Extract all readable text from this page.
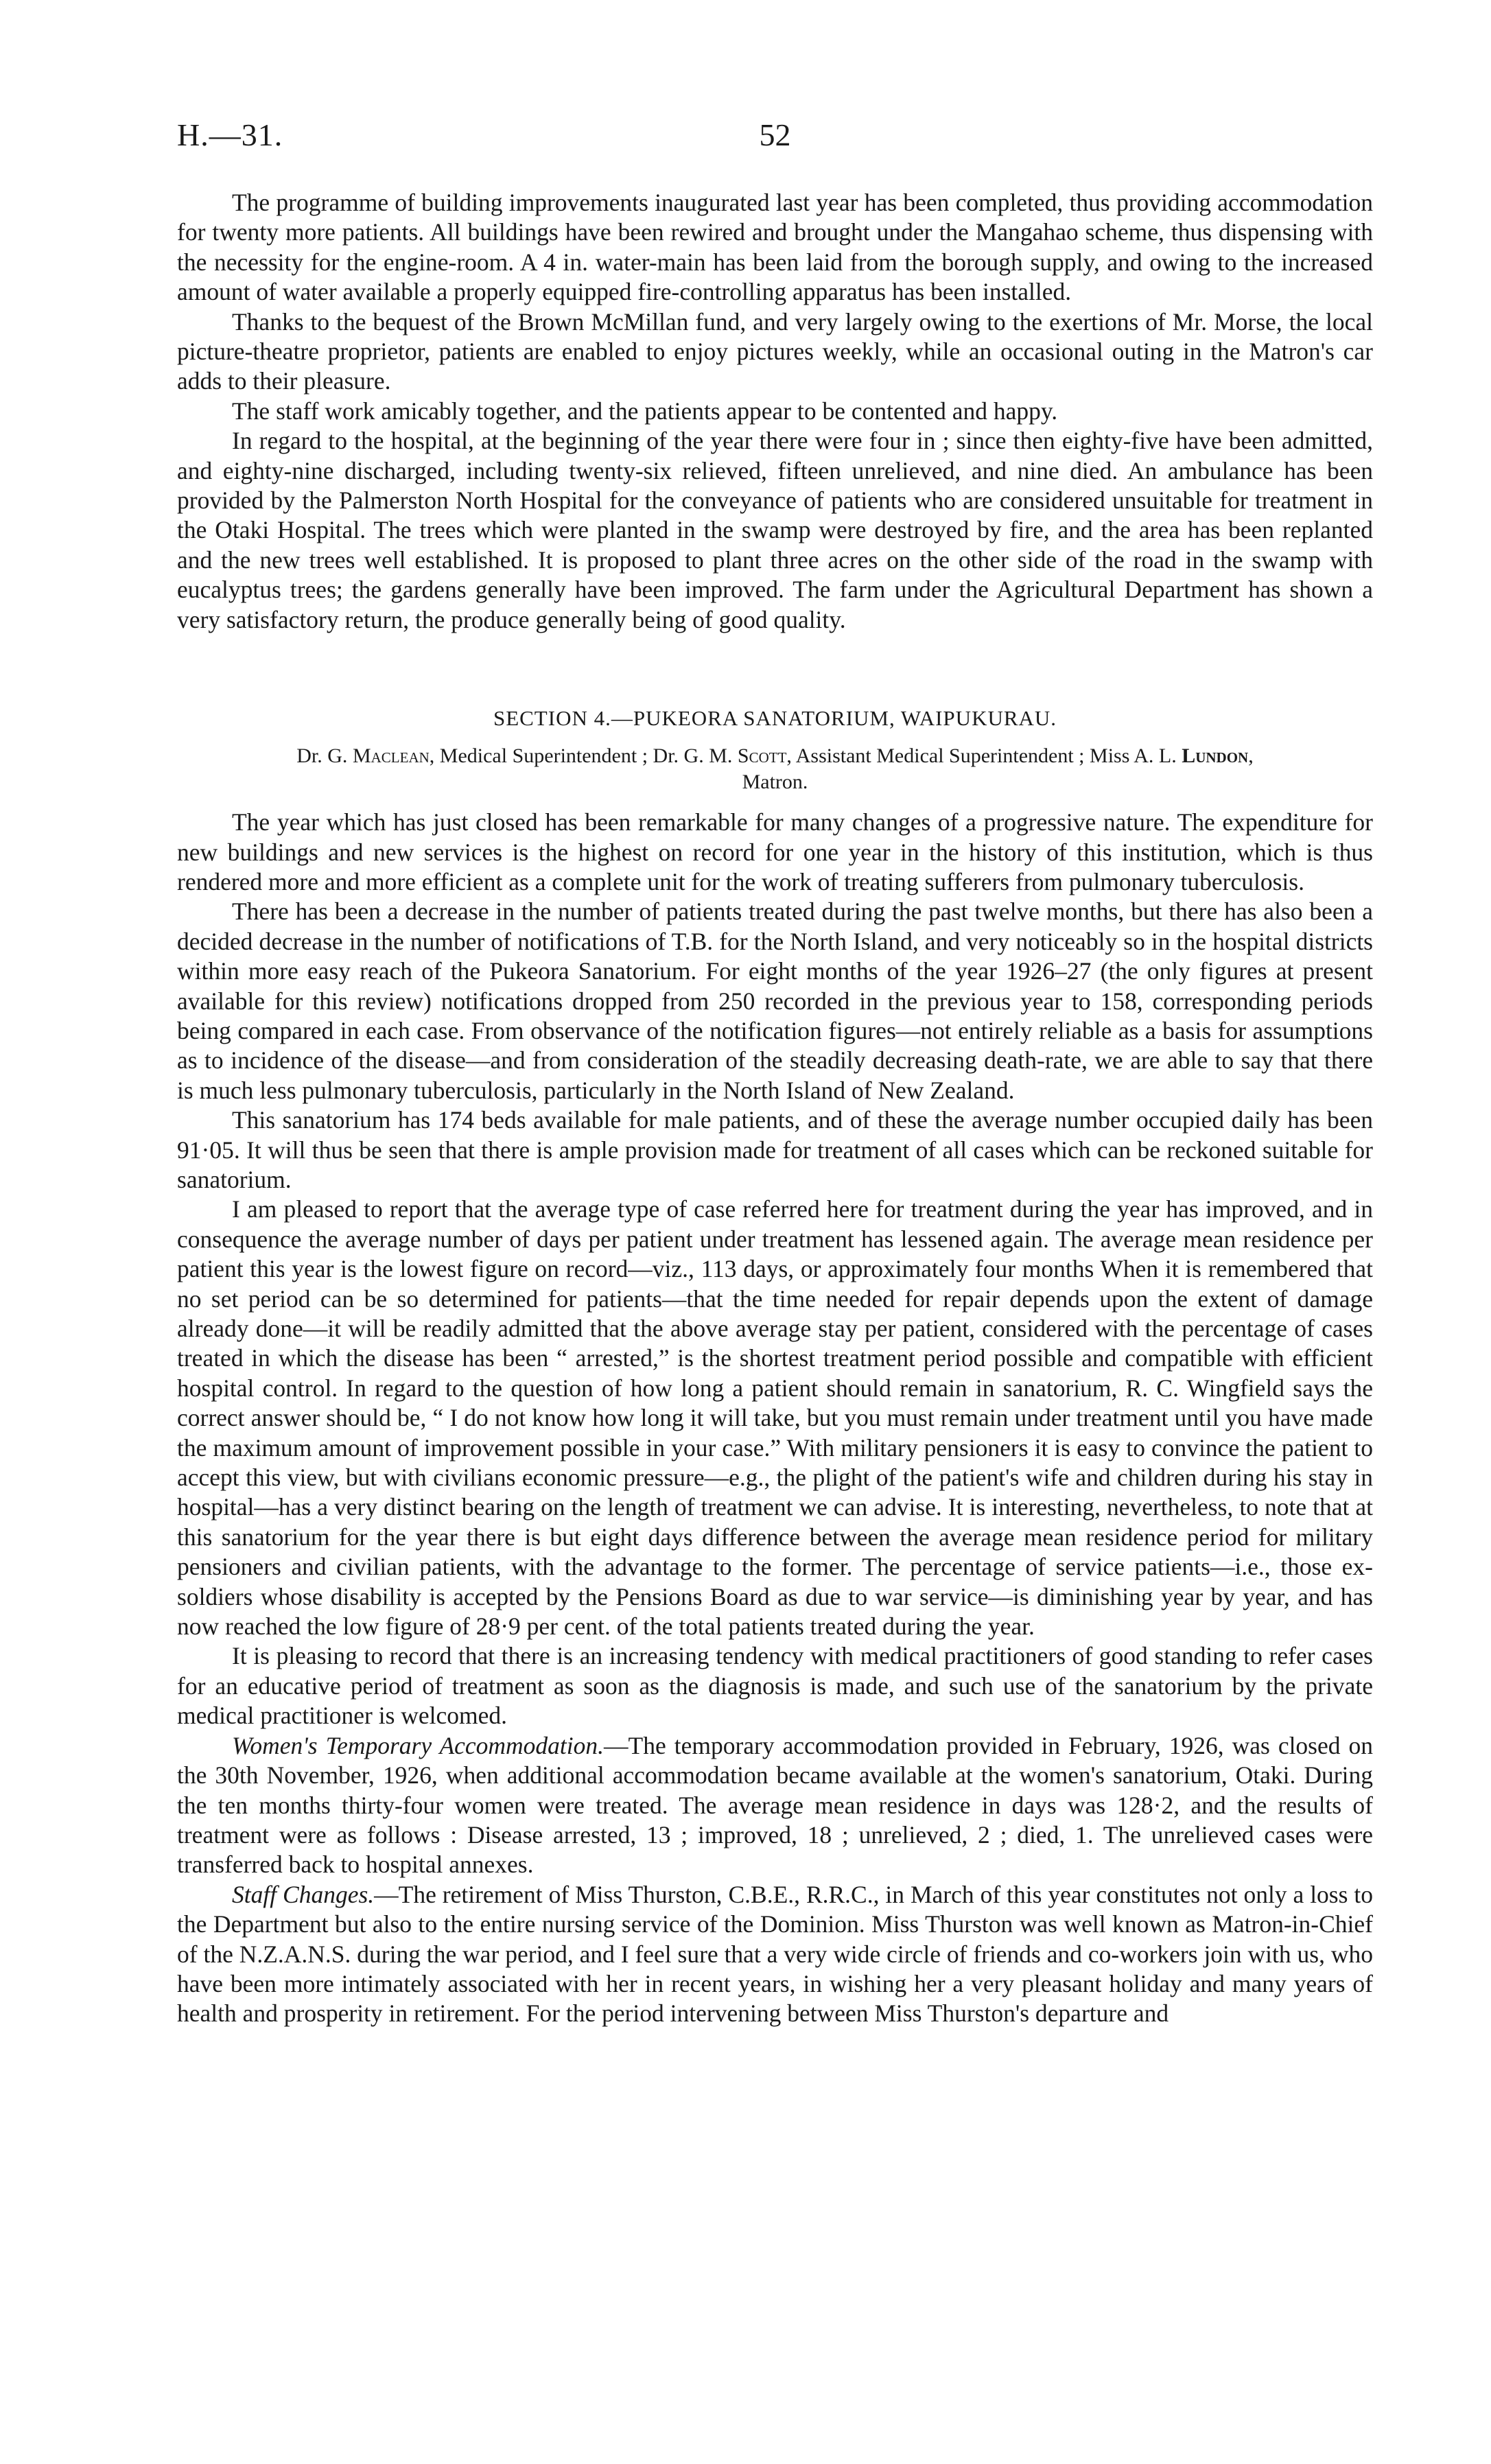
H.—31.	52

The programme of building improvements inaugurated last year has been completed, thus providing accommodation for twenty more patients. All buildings have been rewired and brought under the Mangahao scheme, thus dispensing with the necessity for the engine-room. A 4 in. water-main has been laid from the borough supply, and owing to the increased amount of water available a properly equipped fire-controlling apparatus has been installed.

Thanks to the bequest of the Brown McMillan fund, and very largely owing to the exertions of Mr. Morse, the local picture-theatre proprietor, patients are enabled to enjoy pictures weekly, while an occasional outing in the Matron's car adds to their pleasure.

The staff work amicably together, and the patients appear to be contented and happy.

In regard to the hospital, at the beginning of the year there were four in ; since then eighty-five have been admitted, and eighty-nine discharged, including twenty-six relieved, fifteen unrelieved, and nine died. An ambulance has been provided by the Palmerston North Hospital for the conveyance of patients who are considered unsuitable for treatment in the Otaki Hospital. The trees which were planted in the swamp were destroyed by fire, and the area has been replanted and the new trees well established. It is proposed to plant three acres on the other side of the road in the swamp with eucalyptus trees; the gardens generally have been improved. The farm under the Agricultural Department has shown a very satisfactory return, the produce generally being of good quality.

SECTION 4.—PUKEORA SANATORIUM, WAIPUKURAU.
Dr. G. Maclean, Medical Superintendent ; Dr. G. M. Scott, Assistant Medical Superintendent ; Miss A. L. Lundon,
Matron.

The year which has just closed has been remarkable for many changes of a progressive nature. The expenditure for new buildings and new services is the highest on record for one year in the history of this institution, which is thus rendered more and more efficient as a complete unit for the work of treating sufferers from pulmonary tuberculosis.

There has been a decrease in the number of patients treated during the past twelve months, but there has also been a decided decrease in the number of notifications of T.B. for the North Island, and very noticeably so in the hospital districts within more easy reach of the Pukeora Sanatorium. For eight months of the year 1926–27 (the only figures at present available for this review) notifications dropped from 250 recorded in the previous year to 158, corresponding periods being compared in each case. From observance of the notification figures—not entirely reliable as a basis for assumptions as to incidence of the disease—and from consideration of the steadily decreasing death-rate, we are able to say that there is much less pulmonary tuberculosis, particularly in the North Island of New Zealand.

This sanatorium has 174 beds available for male patients, and of these the average number occupied daily has been 91·05. It will thus be seen that there is ample provision made for treatment of all cases which can be reckoned suitable for sanatorium.

I am pleased to report that the average type of case referred here for treatment during the year has improved, and in consequence the average number of days per patient under treatment has lessened again. The average mean residence per patient this year is the lowest figure on record—viz., 113 days, or approximately four months When it is remembered that no set period can be so determined for patients—that the time needed for repair depends upon the extent of damage already done—it will be readily admitted that the above average stay per patient, considered with the percentage of cases treated in which the disease has been “ arrested,” is the shortest treatment period possible and compatible with efficient hospital control. In regard to the question of how long a patient should remain in sanatorium, R. C. Wingfield says the correct answer should be, “ I do not know how long it will take, but you must remain under treatment until you have made the maximum amount of improvement possible in your case.” With military pensioners it is easy to convince the patient to accept this view, but with civilians economic pressure—e.g., the plight of the patient's wife and children during his stay in hospital—has a very distinct bearing on the length of treatment we can advise. It is interesting, nevertheless, to note that at this sanatorium for the year there is but eight days difference between the average mean residence period for military pensioners and civilian patients, with the advantage to the former. The percentage of service patients—i.e., those ex-soldiers whose disability is accepted by the Pensions Board as due to war service—is diminishing year by year, and has now reached the low figure of 28·9 per cent. of the total patients treated during the year.

It is pleasing to record that there is an increasing tendency with medical practitioners of good standing to refer cases for an educative period of treatment as soon as the diagnosis is made, and such use of the sanatorium by the private medical practitioner is welcomed.

Women's Temporary Accommodation.—The temporary accommodation provided in February, 1926, was closed on the 30th November, 1926, when additional accommodation became available at the women's sanatorium, Otaki. During the ten months thirty-four women were treated. The average mean residence in days was 128·2, and the results of treatment were as follows : Disease arrested, 13 ; improved, 18 ; unrelieved, 2 ; died, 1. The unrelieved cases were transferred back to hospital annexes.

Staff Changes.—The retirement of Miss Thurston, C.B.E., R.R.C., in March of this year constitutes not only a loss to the Department but also to the entire nursing service of the Dominion. Miss Thurston was well known as Matron-in-Chief of the N.Z.A.N.S. during the war period, and I feel sure that a very wide circle of friends and co-workers join with us, who have been more intimately associated with her in recent years, in wishing her a very pleasant holiday and many years of health and prosperity in retirement. For the period intervening between Miss Thurston's departure and
